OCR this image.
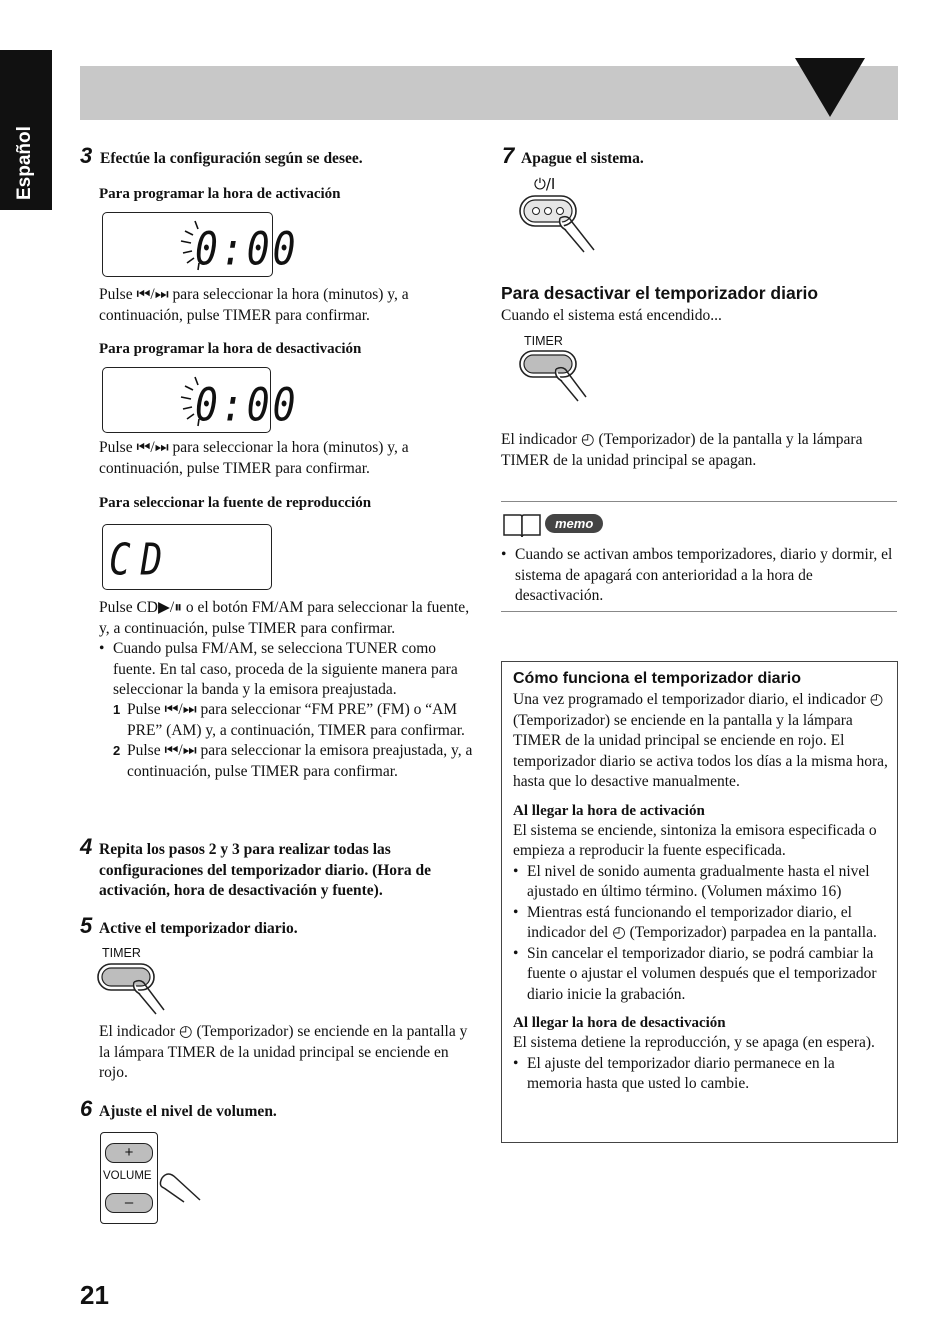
Español 3 Efectúe la configuración según se desee.
Para programar la hora de activación
0:00
Pulse ⏮/⏭ para seleccionar la hora (minutos) y, a continuación, pulse TIMER para confirmar.
Para programar la hora de desactivación
0:00
Pulse ⏮/⏭ para seleccionar la hora (minutos) y, a continuación, pulse TIMER para confirmar.
Para seleccionar la fuente de reproducción
CD
Pulse CD▶/⏸ o el botón FM/AM para seleccionar la fuente, y, a continuación, pulse TIMER para confirmar.
• Cuando pulsa FM/AM, se selecciona TUNER como fuente. En tal caso, proceda de la siguiente manera para seleccionar la banda y la emisora preajustada.
1 Pulse ⏮/⏭ para seleccionar “FM PRE” (FM) o “AM PRE” (AM) y, a continuación, TIMER para confirmar.
2 Pulse ⏮/⏭ para seleccionar la emisora preajustada, y, a continuación, pulse TIMER para confirmar.
4 Repita los pasos 2 y 3 para realizar todas las configuraciones del temporizador diario. (Hora de activación, hora de desactivación y fuente).
5 Active el temporizador diario.
TIMER
El indicador ◴ (Temporizador) se enciende en la pantalla y la lámpara TIMER de la unidad principal se enciende en rojo.
6 Ajuste el nivel de volumen.
+
VOLUME
–
21
7 Apague el sistema.
⏻/I
Para desactivar el temporizador diario
Cuando el sistema está encendido...
TIMER
El indicador ◴ (Temporizador) de la pantalla y la lámpara TIMER de la unidad principal se apagan.
memo
• Cuando se activan ambos temporizadores, diario y dormir, el sistema de apagará con anterioridad a la hora de desactivación.
Cómo funciona el temporizador diario
Una vez programado el temporizador diario, el indicador ◴ (Temporizador) se enciende en la pantalla y la lámpara TIMER de la unidad principal se enciende en rojo. El temporizador diario se activa todos los días a la misma hora, hasta que lo desactive manualmente.
Al llegar la hora de activación
El sistema se enciende, sintoniza la emisora especificada o empieza a reproducir la fuente especificada.
• El nivel de sonido aumenta gradualmente hasta el nivel ajustado en último término. (Volumen máximo 16)
• Mientras está funcionando el temporizador diario, el indicador del ◴ (Temporizador) parpadea en la pantalla.
• Sin cancelar el temporizador diario, se podrá cambiar la fuente o ajustar el volumen después que el temporizador diario inicie la grabación.
Al llegar la hora de desactivación
El sistema detiene la reproducción, y se apaga (en espera).
• El ajuste del temporizador diario permanece en la memoria hasta que usted lo cambie.
